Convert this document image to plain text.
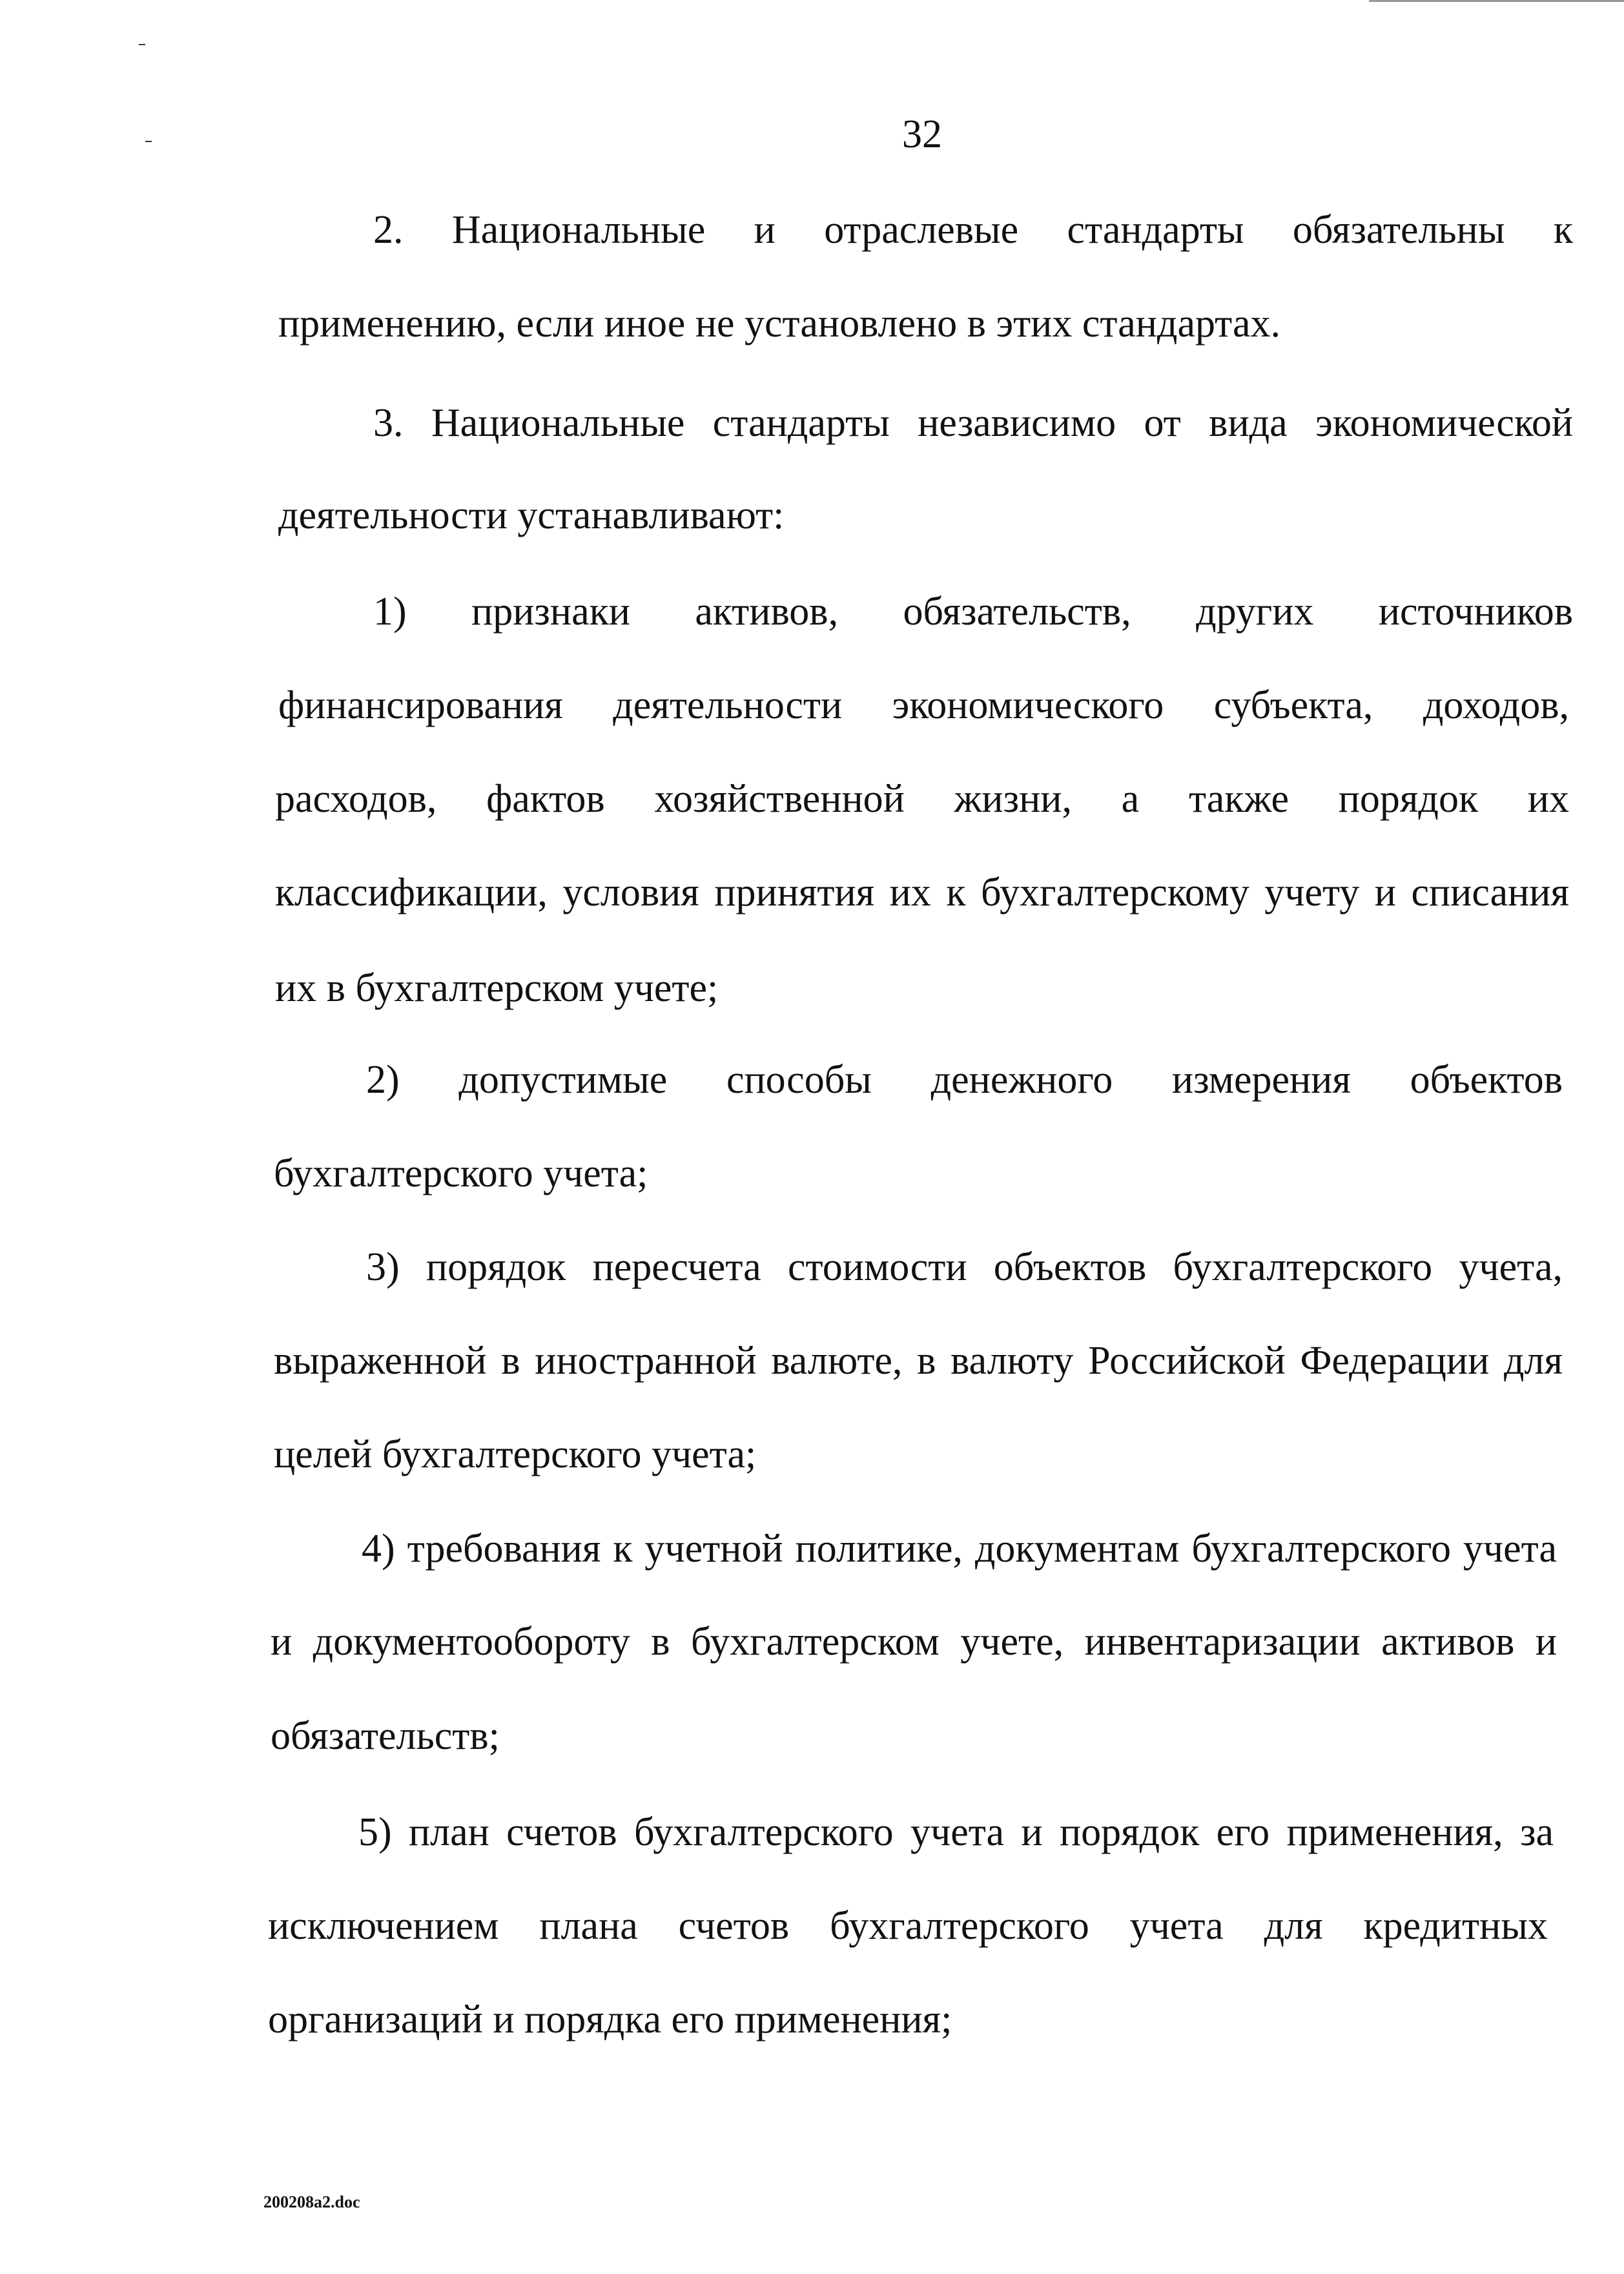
32
2. Национальные и отраслевые стандарты обязательны к
применению, если иное не установлено в этих стандартах.
3. Национальные стандарты независимо от вида экономической
деятельности устанавливают:
1) признаки активов, обязательств, других источников
финансирования деятельности экономического субъекта, доходов,
расходов, фактов хозяйственной жизни, а также порядок их
классификации, условия принятия их к бухгалтерскому учету и списания
их в бухгалтерском учете;
2) допустимые способы денежного измерения объектов
бухгалтерского учета;
3) порядок пересчета стоимости объектов бухгалтерского учета,
выраженной в иностранной валюте, в валюту Российской Федерации для
целей бухгалтерского учета;
4) требования к учетной политике, документам бухгалтерского учета
и документообороту в бухгалтерском учете, инвентаризации активов и
обязательств;
5) план счетов бухгалтерского учета и порядок его применения, за
исключением плана счетов бухгалтерского учета для кредитных
организаций и порядка его применения;
200208a2.doc
